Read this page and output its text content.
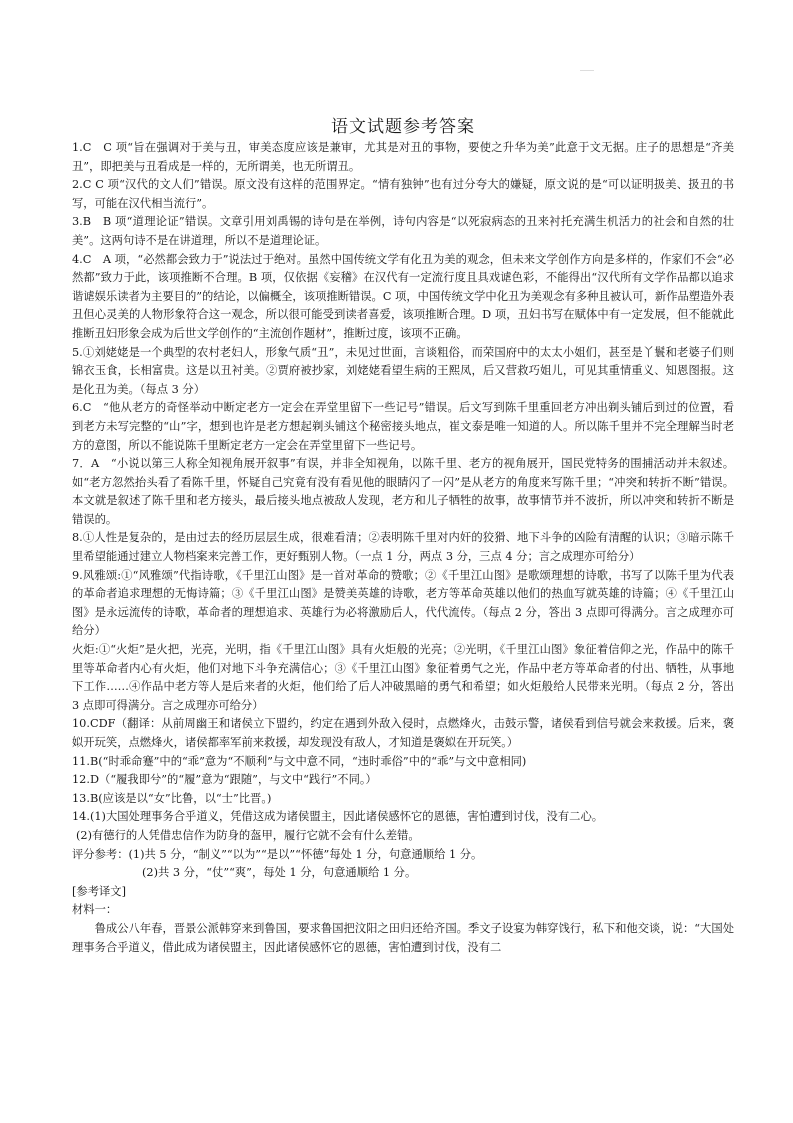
语文试题参考答案

1.C　C 项“旨在强调对于美与丑，审美态度应该是兼审，尤其是对丑的事物，要使之升华为美”此意于文无据。庄子的思想是“齐美丑”，即把美与丑看成是一样的，无所谓美，也无所谓丑。

2.C C 项“汉代的文人们”错误。原文没有这样的范围界定。“情有独钟”也有过分夸大的嫌疑，原文说的是“可以证明扱美、扱丑的书写，可能在汉代相当流行”。

3.B　B 项“道理论证”错误。文章引用刘禹锡的诗句是在举例，诗句内容是“以死寂病态的丑来衬托充满生机活力的社会和自然的壮美”。这两句诗不是在讲道理，所以不是道理论证。

4.C　A 项，“必然都会致力于”说法过于绝对。虽然中国传统文学有化丑为美的观念，但未来文学创作方向是多样的，作家们不会“必然都”致力于此，该项推断不合理。B 项，仅依据《妄稽》在汉代有一定流行度且具戏谑色彩，不能得出“汉代所有文学作品都以追求谐谑娱乐读者为主要目的”的结论，以偏概全，该项推断错误。C 项，中国传统文学中化丑为美观念有多种且被认可，新作品塑造外表丑但心灵美的人物形象符合这一观念，所以很可能受到读者喜爱，该项推断合理。D 项，丑妇书写在赋体中有一定发展，但不能就此推断丑妇形象会成为后世文学创作的“主流创作题材”，推断过度，该项不正确。

5.①刘姥姥是一个典型的农村老妇人，形象气质“丑”，未见过世面，言谈粗俗，而荣国府中的太太小姐们，甚至是丫鬟和老婆子们则锦衣玉食，长相富贵。这是以丑衬美。②贾府被抄家，刘姥姥看望生病的王熙凤，后又营救巧姐儿，可见其重情重义、知恩图报。这是化丑为美。（每点 3 分）

6.C　“他从老方的奇怪举动中断定老方一定会在弄堂里留下一些记号”错误。后文写到陈千里重回老方冲出剃头铺后到过的位置，看到老方未写完整的“山”字，想到也许是老方想起剃头铺这个秘密接头地点，崔文泰是唯一知道的人。所以陈千里并不完全理解当时老方的意图，所以不能说陈千里断定老方一定会在弄堂里留下一些记号。

7．A　“小说以第三人称全知视角展开叙事”有误，并非全知视角，以陈千里、老方的视角展开，国民党特务的围捕活动并未叙述。如“老方忽然抬头看了看陈千里，怀疑自己究竟有没有看见他的眼睛闪了一闪”是从老方的角度来写陈千里；“冲突和转折不断”错误。本文就是叙述了陈千里和老方接头，最后接头地点被敌人发现，老方和儿子牺牲的故事，故事情节并不波折，所以冲突和转折不断是错误的。

8.①人性是复杂的，是由过去的经历层层生成，很难看清；②表明陈千里对内奸的狡猾、地下斗争的凶险有清醒的认识；③暗示陈千里希望能通过建立人物档案来完善工作，更好甄别人物。（一点 1 分，两点 3 分，三点 4 分；言之成理亦可给分）

9.风雅颂:①“风雅颂”代指诗歌，《千里江山图》是一首对革命的赞歌；②《千里江山图》是歌颂理想的诗歌，书写了以陈千里为代表的革命者追求理想的无悔诗篇；③《千里江山图》是赞美英雄的诗歌，老方等革命英雄以他们的热血写就英雄的诗篇；④《千里江山图》是永远流传的诗歌，革命者的理想追求、英雄行为必将激励后人，代代流传。（每点 2 分，答出 3 点即可得满分。言之成理亦可给分）

火炬:①“火炬”是火把，光亮，光明，指《千里江山图》具有火炬般的光亮；②光明，《千里江山图》象征着信仰之光，作品中的陈千里等革命者内心有火炬，他们对地下斗争充满信心；③《千里江山图》象征着勇气之光，作品中老方等革命者的付出、牺牲，从事地下工作……④作品中老方等人是后来者的火炬，他们给了后人冲破黑暗的勇气和希望；如火炬般给人民带来光明。（每点 2 分，答出 3 点即可得满分。言之成理亦可给分）

10.CDF（翻译：从前周幽王和诸侯立下盟约，约定在遇到外敌入侵时，点燃烽火，击鼓示警，诸侯看到信号就会来救援。后来，褒姒开玩笑，点燃烽火，诸侯都率军前来救援，却发现没有敌人，才知道是褒姒在开玩笑。）

11.B(“时乖命蹇”中的“乖”意为“不顺利”与文中意不同，“违时乖俗”中的“乖”与文中意相同)

12.D（“履我即兮”的“履”意为“跟随”，与文中“践行”不同。）

13.B(应该是以“女”比鲁，以“士”比晋。)

14.(1)大国处理事务合乎道义，凭借这成为诸侯盟主，因此诸侯感怀它的恩德，害怕遭到讨伐，没有二心。

(2)有德行的人凭借忠信作为防身的盔甲，履行它就不会有什么差错。

评分参考：(1)共 5 分，“制义”“以为”“是以”“怀德”每处 1 分，句意通顺给 1 分。

(2)共 3 分，“仗”“爽”，每处 1 分，句意通顺给 1 分。

[参考译文]

材料一：

鲁成公八年春，晋景公派韩穿来到鲁国，要求鲁国把汶阳之田归还给齐国。季文子设宴为韩穿饯行，私下和他交谈，说：“大国处理事务合乎道义，借此成为诸侯盟主，因此诸侯感怀它的恩德，害怕遭到讨伐，没有二
